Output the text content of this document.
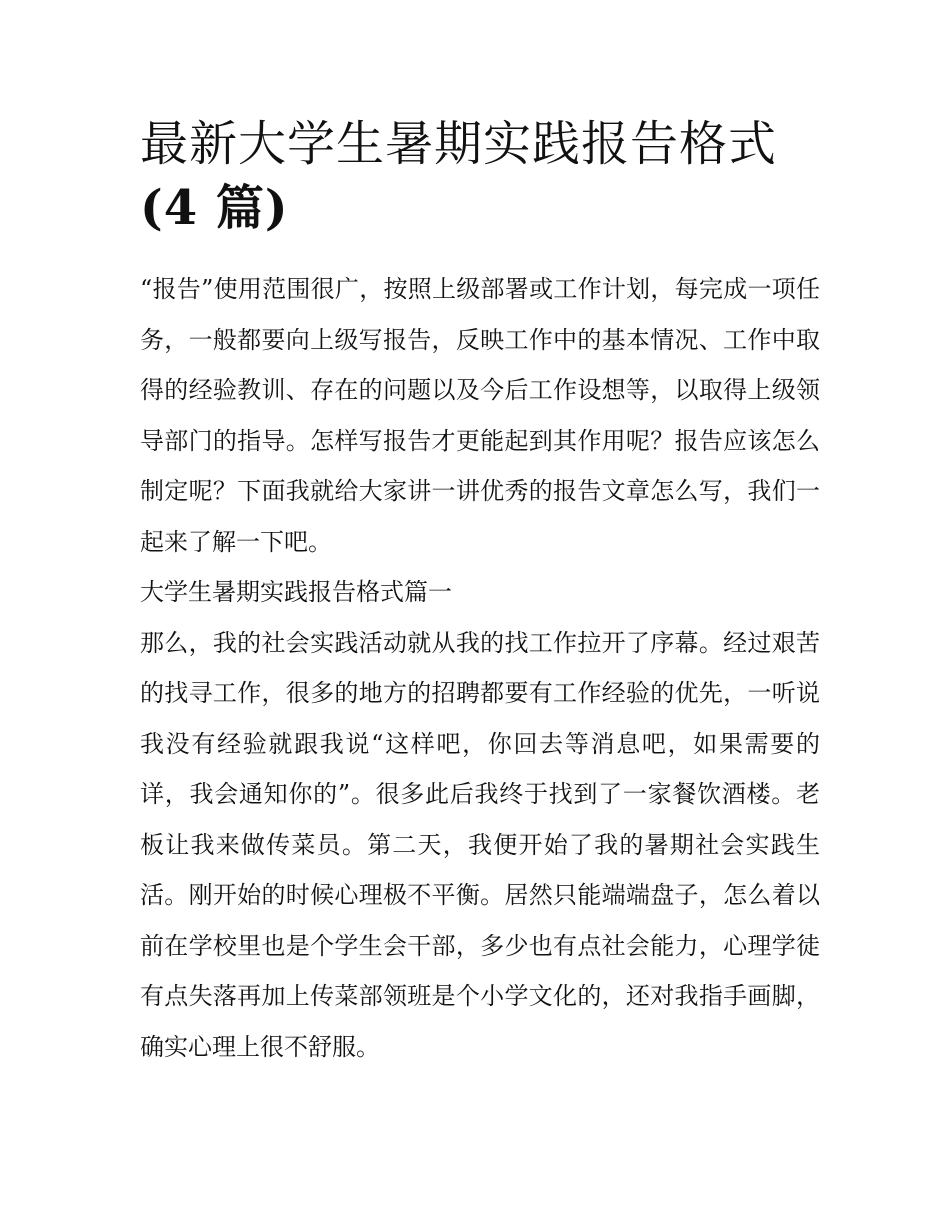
最新大学生暑期实践报告格式
(4 篇)

“报告”使用范围很广，按照上级部署或工作计划，每完成一项任务，一般都要向上级写报告，反映工作中的基本情况、工作中取得的经验教训、存在的问题以及今后工作设想等，以取得上级领导部门的指导。怎样写报告才更能起到其作用呢？报告应该怎么制定呢？下面我就给大家讲一讲优秀的报告文章怎么写，我们一起来了解一下吧。

大学生暑期实践报告格式篇一

那么，我的社会实践活动就从我的找工作拉开了序幕。经过艰苦的找寻工作，很多的地方的招聘都要有工作经验的优先，一听说我没有经验就跟我说“这样吧，你回去等消息吧，如果需要的详，我会通知你的”。很多此后我终于找到了一家餐饮酒楼。老板让我来做传菜员。第二天，我便开始了我的暑期社会实践生活。刚开始的时候心理极不平衡。居然只能端端盘子，怎么着以前在学校里也是个学生会干部，多少也有点社会能力，心理学徒有点失落再加上传菜部领班是个小学文化的，还对我指手画脚，确实心理上很不舒服。
